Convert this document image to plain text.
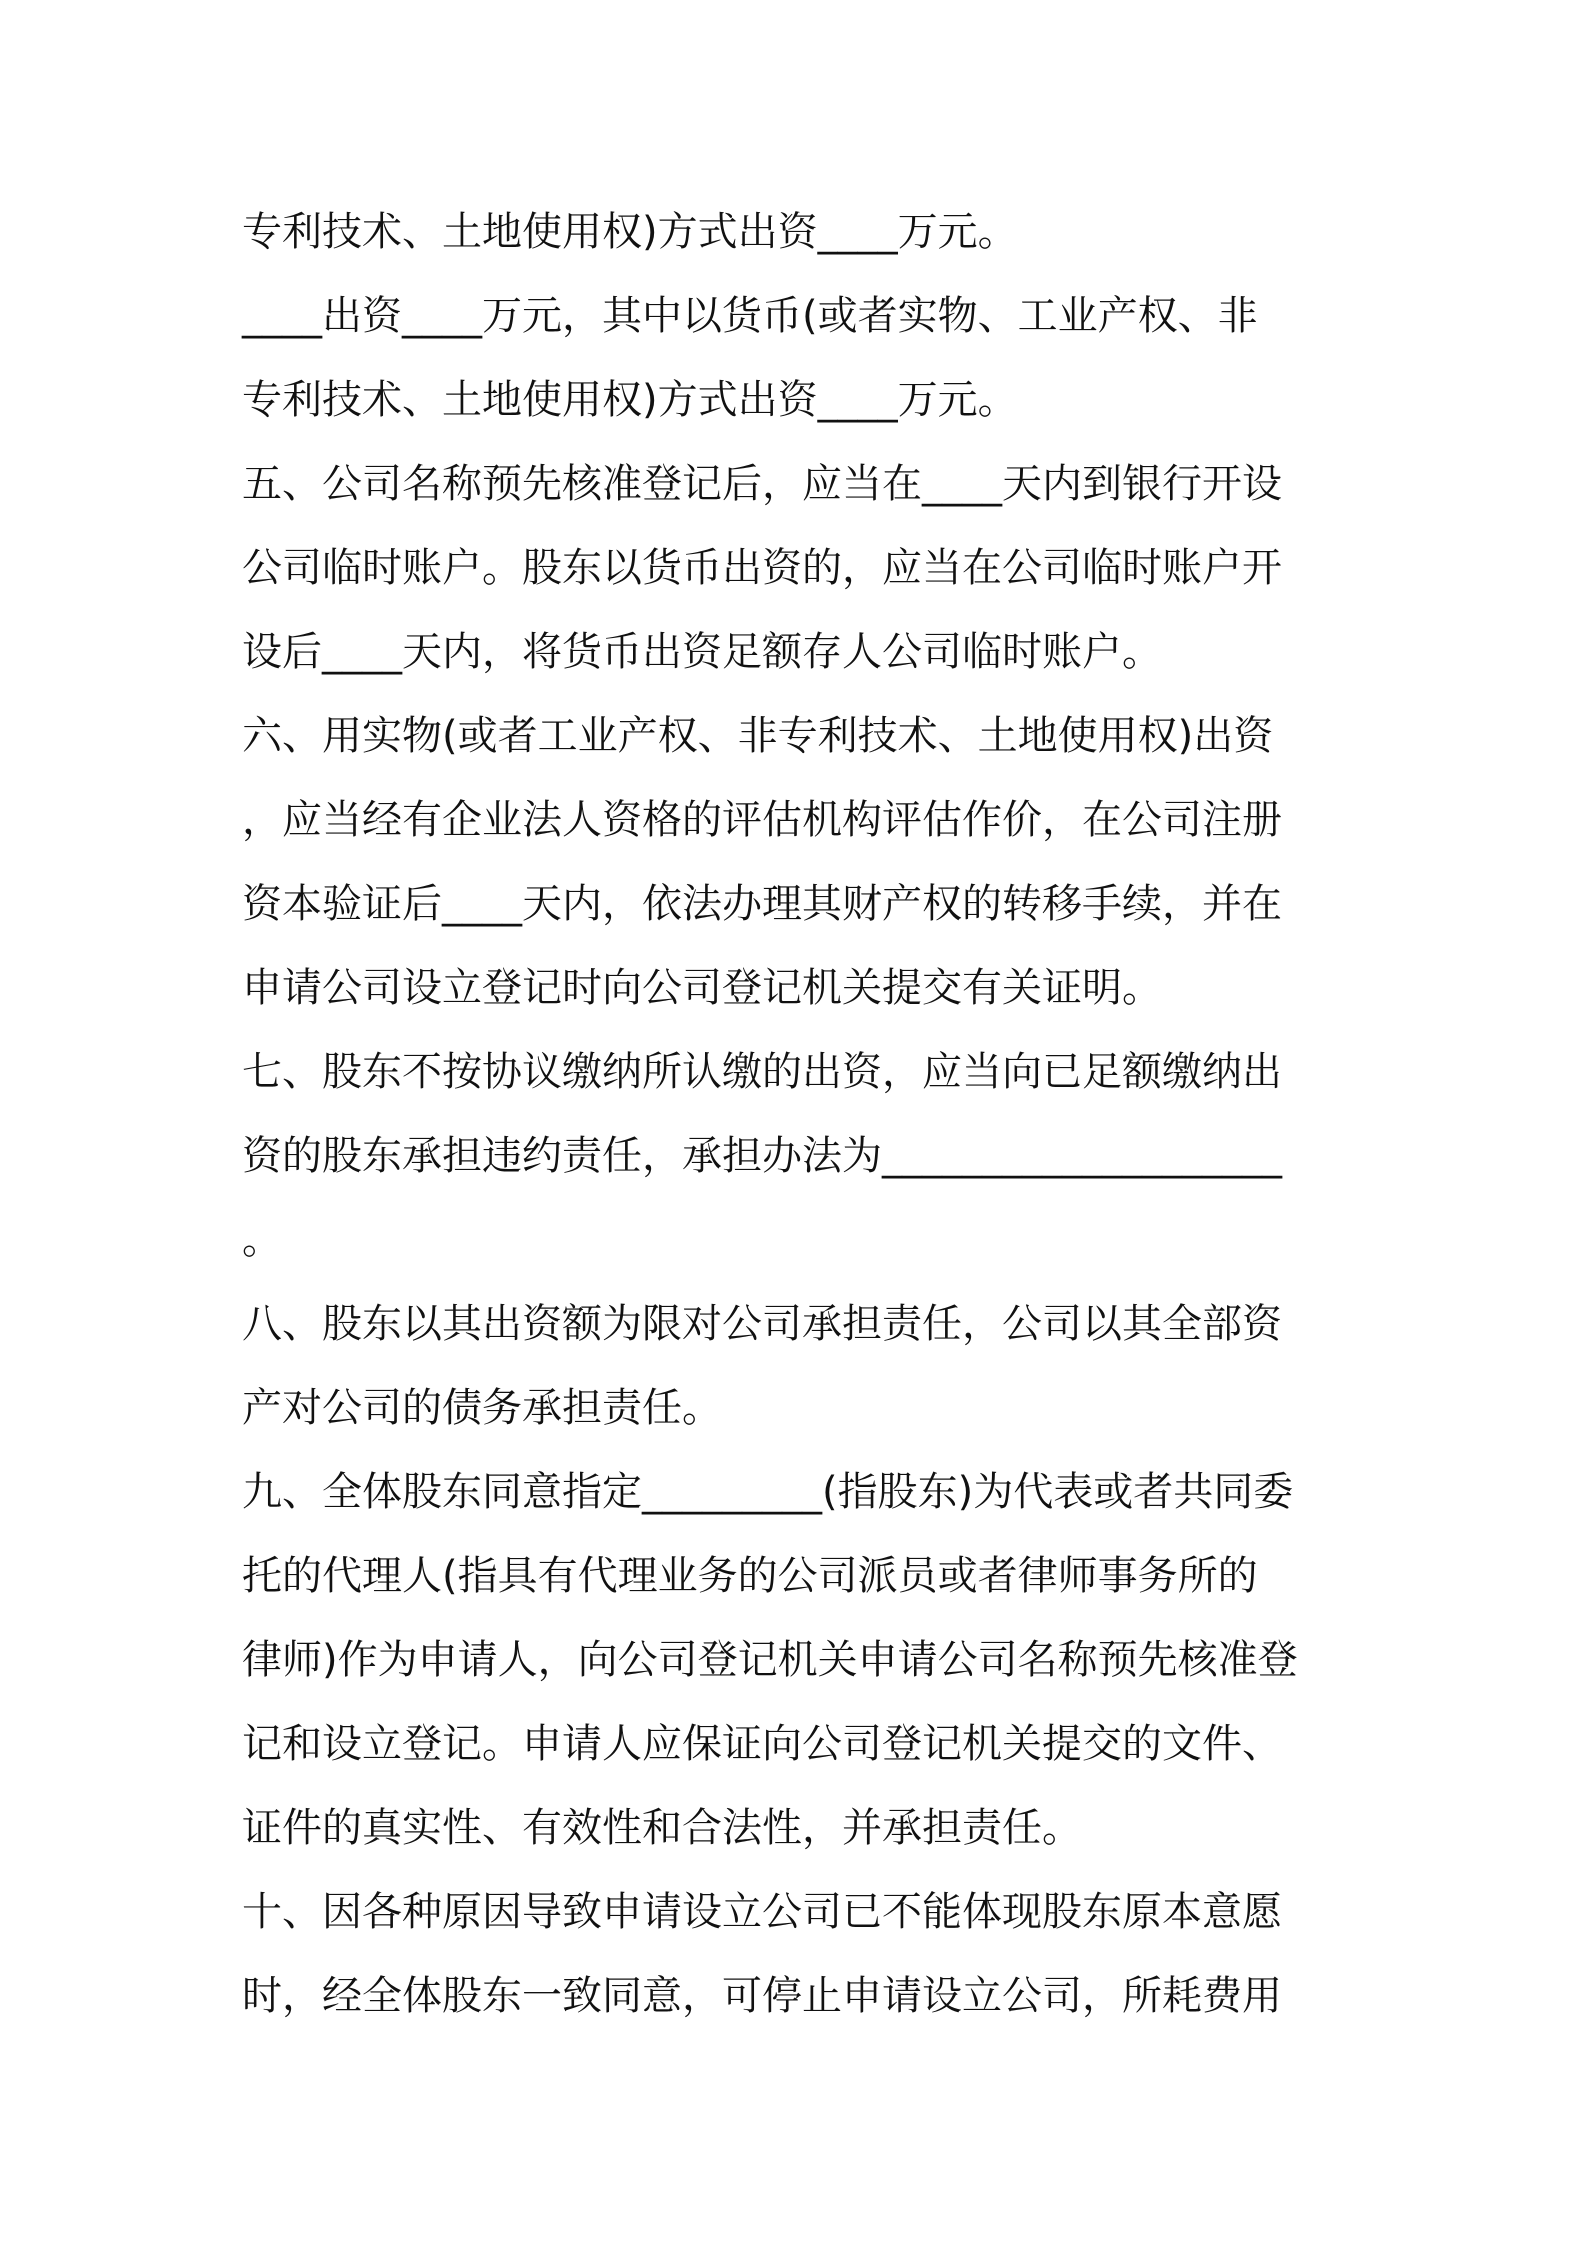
专利技术、土地使用权)方式出资____万元。
____出资____万元，其中以货币(或者实物、工业产权、非
专利技术、土地使用权)方式出资____万元。
五、公司名称预先核准登记后，应当在____天内到银行开设
公司临时账户。股东以货币出资的，应当在公司临时账户开
设后____天内，将货币出资足额存人公司临时账户。
六、用实物(或者工业产权、非专利技术、土地使用权)出资
，应当经有企业法人资格的评估机构评估作价，在公司注册
资本验证后____天内，依法办理其财产权的转移手续，并在
申请公司设立登记时向公司登记机关提交有关证明。
七、股东不按协议缴纳所认缴的出资，应当向已足额缴纳出
资的股东承担违约责任，承担办法为____________________
。
八、股东以其出资额为限对公司承担责任，公司以其全部资
产对公司的债务承担责任。
九、全体股东同意指定_________(指股东)为代表或者共同委
托的代理人(指具有代理业务的公司派员或者律师事务所的
律师)作为申请人，向公司登记机关申请公司名称预先核准登
记和设立登记。申请人应保证向公司登记机关提交的文件、
证件的真实性、有效性和合法性，并承担责任。
十、因各种原因导致申请设立公司已不能体现股东原本意愿
时，经全体股东一致同意，可停止申请设立公司，所耗费用
